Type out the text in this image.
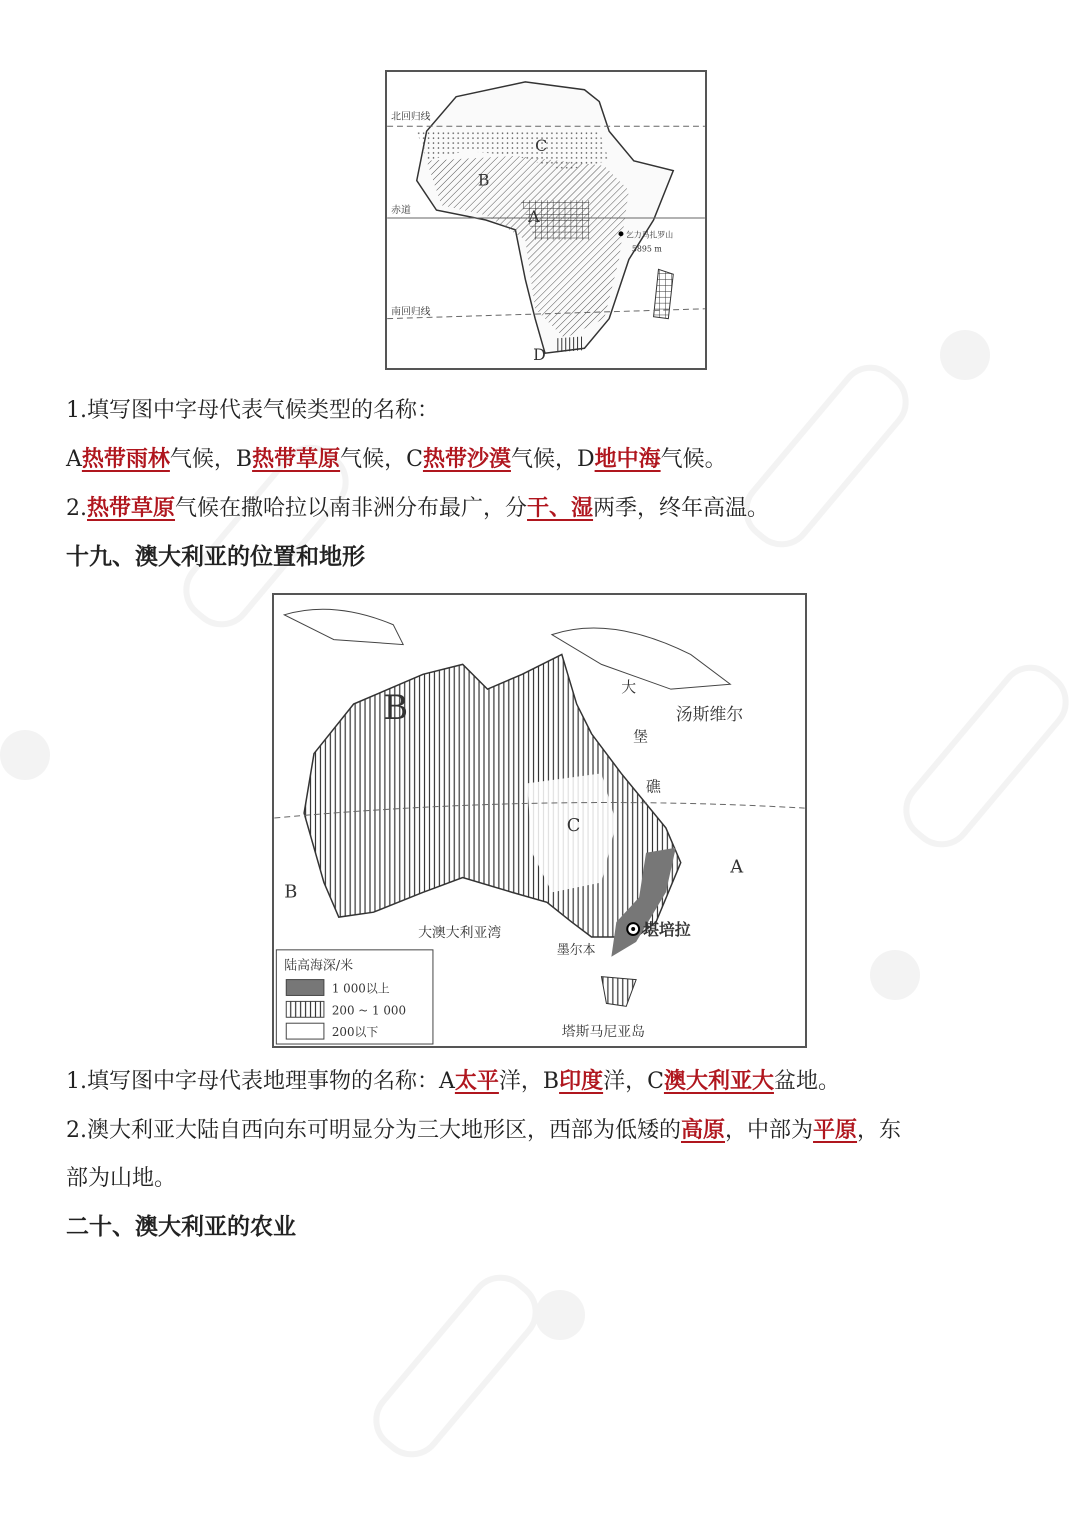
北回归线
赤道
南回归线
C
B
A
D
乞力马扎罗山
5895 m
1.填写图中字母代表气候类型的名称：
A热带雨林气候，B热带草原气候，C热带沙漠气候，D地中海气候。
2.热带草原气候在撒哈拉以南非洲分布最广，分干、湿两季，终年高温。
十九、澳大利亚的位置和地形
B
B
A
C
大
堡
礁
汤斯维尔
大澳大利亚湾	堪培拉
墨尔本
塔斯马尼亚岛
陆高海深/米
1 000以上
200 ~ 1 000
200以下
1.填写图中字母代表地理事物的名称：A太平洋，B印度洋，C澳大利亚大盆地。
2.澳大利亚大陆自西向东可明显分为三大地形区，西部为低矮的高原，中部为平原，东
部为山地。
二十、澳大利亚的农业
